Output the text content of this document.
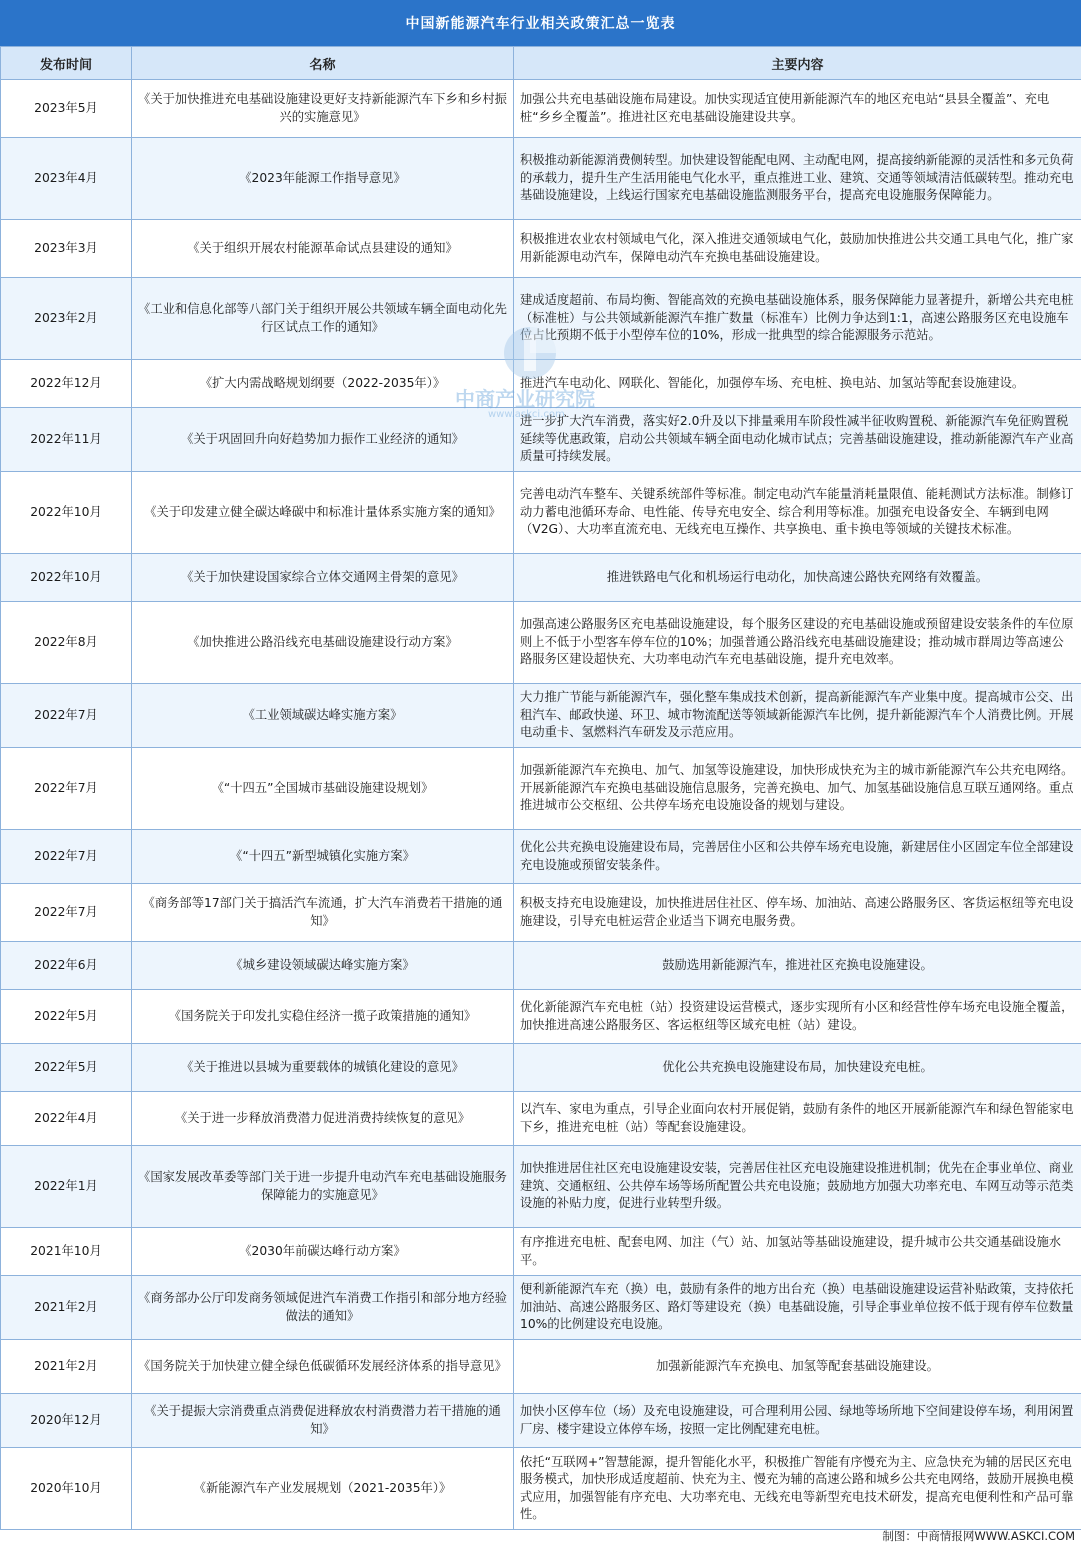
中国新能源汽车行业相关政策汇总一览表
发布时间	名称	主要内容
2023年5月	《关于加快推进充电基础设施建设更好支持新能源汽车下乡和乡村振兴的实施意见》	加强公共充电基础设施布局建设。加快实现适宜使用新能源汽车的地区充电站“县县全覆盖”、充电桩“乡乡全覆盖”。推进社区充电基础设施建设共享。
2023年4月	《2023年能源工作指导意见》	积极推动新能源消费侧转型。加快建设智能配电网、主动配电网，提高接纳新能源的灵活性和多元负荷的承载力，提升生产生活用能电气化水平，重点推进工业、建筑、交通等领域清洁低碳转型。推动充电基础设施建设，上线运行国家充电基础设施监测服务平台，提高充电设施服务保障能力。
2023年3月	《关于组织开展农村能源革命试点县建设的通知》	积极推进农业农村领域电气化，深入推进交通领域电气化，鼓励加快推进公共交通工具电气化，推广家用新能源电动汽车，保障电动汽车充换电基础设施建设。
2023年2月	《工业和信息化部等八部门关于组织开展公共领域车辆全面电动化先行区试点工作的通知》	建成适度超前、布局均衡、智能高效的充换电基础设施体系，服务保障能力显著提升，新增公共充电桩（标准桩）与公共领域新能源汽车推广数量（标准车）比例力争达到1:1，高速公路服务区充电设施车位占比预期不低于小型停车位的10%，形成一批典型的综合能源服务示范站。
2022年12月	《扩大内需战略规划纲要（2022-2035年）》	推进汽车电动化、网联化、智能化，加强停车场、充电桩、换电站、加氢站等配套设施建设。
2022年11月	《关于巩固回升向好趋势加力振作工业经济的通知》	进一步扩大汽车消费，落实好2.0升及以下排量乘用车阶段性减半征收购置税、新能源汽车免征购置税延续等优惠政策，启动公共领域车辆全面电动化城市试点；完善基础设施建设，推动新能源汽车产业高质量可持续发展。
2022年10月	《关于印发建立健全碳达峰碳中和标准计量体系实施方案的通知》	完善电动汽车整车、关键系统部件等标准。制定电动汽车能量消耗量限值、能耗测试方法标准。制修订动力蓄电池循环寿命、电性能、传导充电安全、综合利用等标准。加强充电设备安全、车辆到电网（V2G）、大功率直流充电、无线充电互操作、共享换电、重卡换电等领域的关键技术标准。
2022年10月	《关于加快建设国家综合立体交通网主骨架的意见》	推进铁路电气化和机场运行电动化，加快高速公路快充网络有效覆盖。
2022年8月	《加快推进公路沿线充电基础设施建设行动方案》	加强高速公路服务区充电基础设施建设，每个服务区建设的充电基础设施或预留建设安装条件的车位原则上不低于小型客车停车位的10%；加强普通公路沿线充电基础设施建设；推动城市群周边等高速公路服务区建设超快充、大功率电动汽车充电基础设施，提升充电效率。
2022年7月	《工业领域碳达峰实施方案》	大力推广节能与新能源汽车，强化整车集成技术创新，提高新能源汽车产业集中度。提高城市公交、出租汽车、邮政快递、环卫、城市物流配送等领域新能源汽车比例，提升新能源汽车个人消费比例。开展电动重卡、氢燃料汽车研发及示范应用。
2022年7月	《“十四五”全国城市基础设施建设规划》	加强新能源汽车充换电、加气、加氢等设施建设，加快形成快充为主的城市新能源汽车公共充电网络。开展新能源汽车充换电基础设施信息服务，完善充换电、加气、加氢基础设施信息互联互通网络。重点推进城市公交枢纽、公共停车场充电设施设备的规划与建设。
2022年7月	《“十四五”新型城镇化实施方案》	优化公共充换电设施建设布局，完善居住小区和公共停车场充电设施，新建居住小区固定车位全部建设充电设施或预留安装条件。
2022年7月	《商务部等17部门关于搞活汽车流通，扩大汽车消费若干措施的通知》	积极支持充电设施建设，加快推进居住社区、停车场、加油站、高速公路服务区、客货运枢纽等充电设施建设，引导充电桩运营企业适当下调充电服务费。
2022年6月	《城乡建设领域碳达峰实施方案》	鼓励选用新能源汽车，推进社区充换电设施建设。
2022年5月	《国务院关于印发扎实稳住经济一揽子政策措施的通知》	优化新能源汽车充电桩（站）投资建设运营模式，逐步实现所有小区和经营性停车场充电设施全覆盖，加快推进高速公路服务区、客运枢纽等区域充电桩（站）建设。
2022年5月	《关于推进以县城为重要载体的城镇化建设的意见》	优化公共充换电设施建设布局，加快建设充电桩。
2022年4月	《关于进一步释放消费潜力促进消费持续恢复的意见》	以汽车、家电为重点，引导企业面向农村开展促销，鼓励有条件的地区开展新能源汽车和绿色智能家电下乡，推进充电桩（站）等配套设施建设。
2022年1月	《国家发展改革委等部门关于进一步提升电动汽车充电基础设施服务保障能力的实施意见》	加快推进居住社区充电设施建设安装，完善居住社区充电设施建设推进机制；优先在企事业单位、商业建筑、交通枢纽、公共停车场等场所配置公共充电设施；鼓励地方加强大功率充电、车网互动等示范类设施的补贴力度，促进行业转型升级。
2021年10月	《2030年前碳达峰行动方案》	有序推进充电桩、配套电网、加注（气）站、加氢站等基础设施建设，提升城市公共交通基础设施水平。
2021年2月	《商务部办公厅印发商务领域促进汽车消费工作指引和部分地方经验做法的通知》	便利新能源汽车充（换）电，鼓励有条件的地方出台充（换）电基础设施建设运营补贴政策，支持依托加油站、高速公路服务区、路灯等建设充（换）电基础设施，引导企事业单位按不低于现有停车位数量10%的比例建设充电设施。
2021年2月	《国务院关于加快建立健全绿色低碳循环发展经济体系的指导意见》	加强新能源汽车充换电、加氢等配套基础设施建设。
2020年12月	《关于提振大宗消费重点消费促进释放农村消费潜力若干措施的通知》	加快小区停车位（场）及充电设施建设，可合理利用公园、绿地等场所地下空间建设停车场，利用闲置厂房、楼宇建设立体停车场，按照一定比例配建充电桩。
2020年10月	《新能源汽车产业发展规划（2021-2035年）》	依托“互联网+”智慧能源，提升智能化水平，积极推广智能有序慢充为主、应急快充为辅的居民区充电服务模式，加快形成适度超前、快充为主、慢充为辅的高速公路和城乡公共充电网络，鼓励开展换电模式应用，加强智能有序充电、大功率充电、无线充电等新型充电技术研发，提高充电便利性和产品可靠性。
中商产业研究院
www.askci.com
制图：中商情报网WWW.ASKCI.COM
